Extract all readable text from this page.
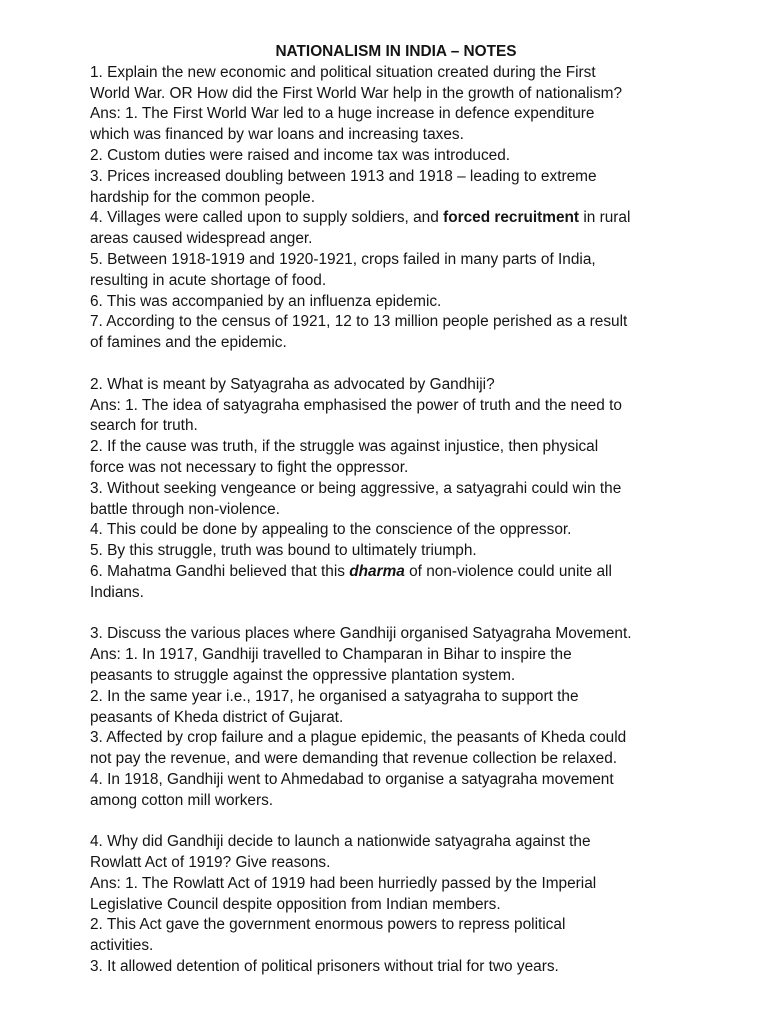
NATIONALISM IN INDIA – NOTES
1. Explain the new economic and political situation created during the First
World War. OR How did the First World War help in the growth of nationalism?
Ans: 1. The First World War led to a huge increase in defence expenditure
which was financed by war loans and increasing taxes.
2. Custom duties were raised and income tax was introduced.
3. Prices increased doubling between 1913 and 1918 – leading to extreme
hardship for the common people.
4. Villages were called upon to supply soldiers, and forced recruitment in rural
areas caused widespread anger.
5. Between 1918-1919 and 1920-1921, crops failed in many parts of India,
resulting in acute shortage of food.
6. This was accompanied by an influenza epidemic.
7. According to the census of 1921, 12 to 13 million people perished as a result
of famines and the epidemic.
2. What is meant by Satyagraha as advocated by Gandhiji?
Ans: 1. The idea of satyagraha emphasised the power of truth and the need to
search for truth.
2. If the cause was truth, if the struggle was against injustice, then physical
force was not necessary to fight the oppressor.
3. Without seeking vengeance or being aggressive, a satyagrahi could win the
battle through non-violence.
4. This could be done by appealing to the conscience of the oppressor.
5. By this struggle, truth was bound to ultimately triumph.
6. Mahatma Gandhi believed that this dharma of non-violence could unite all
Indians.
3. Discuss the various places where Gandhiji organised Satyagraha Movement.
Ans: 1. In 1917, Gandhiji travelled to Champaran in Bihar to inspire the
peasants to struggle against the oppressive plantation system.
2. In the same year i.e., 1917, he organised a satyagraha to support the
peasants of Kheda district of Gujarat.
3. Affected by crop failure and a plague epidemic, the peasants of Kheda could
not pay the revenue, and were demanding that revenue collection be relaxed.
4. In 1918, Gandhiji went to Ahmedabad to organise a satyagraha movement
among cotton mill workers.
4. Why did Gandhiji decide to launch a nationwide satyagraha against the
Rowlatt Act of 1919? Give reasons.
Ans: 1. The Rowlatt Act of 1919 had been hurriedly passed by the Imperial
Legislative Council despite opposition from Indian members.
2. This Act gave the government enormous powers to repress political
activities.
3. It allowed detention of political prisoners without trial for two years.
